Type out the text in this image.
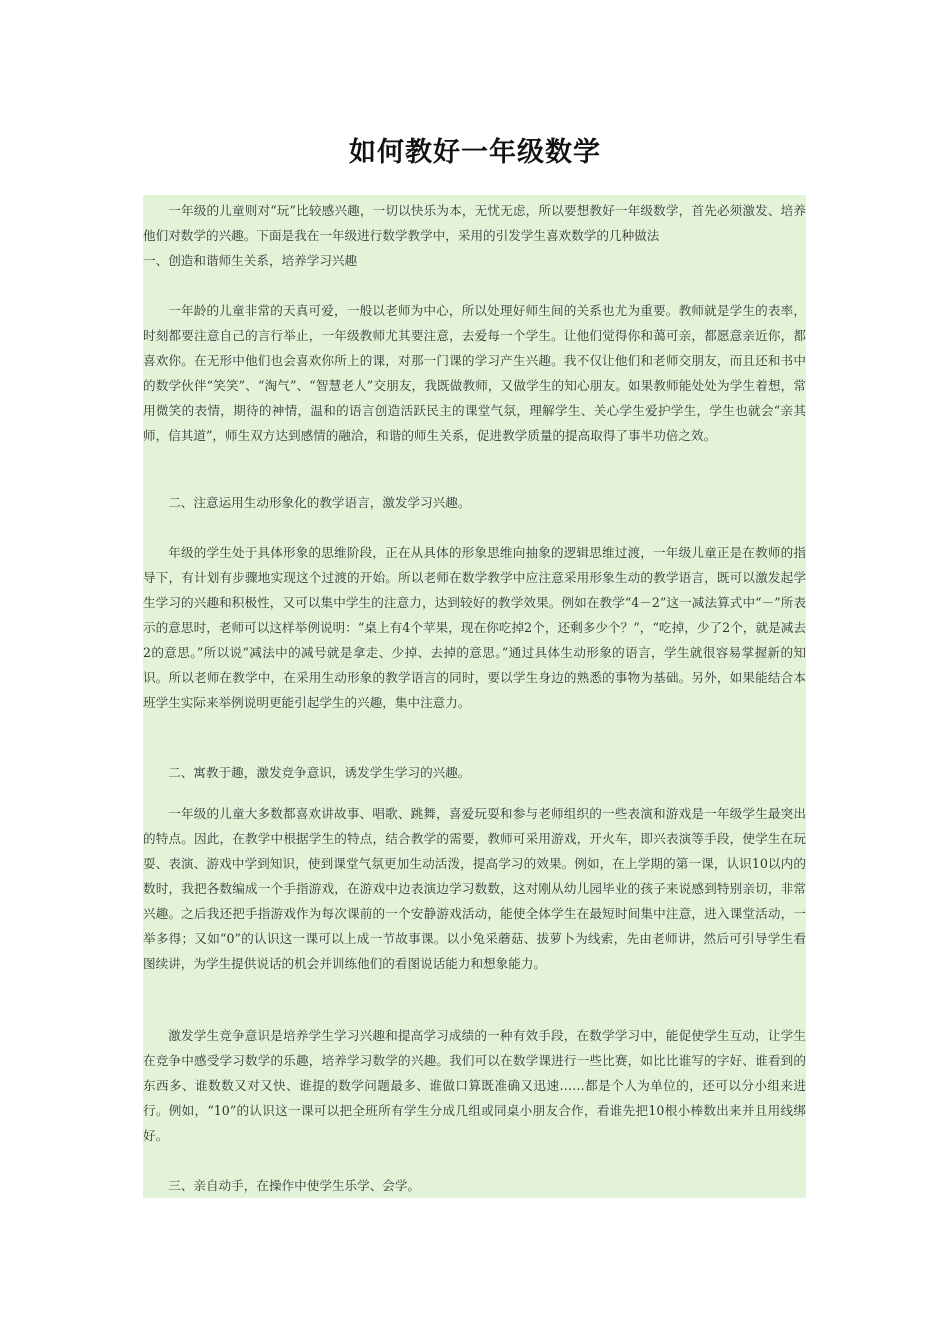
如何教好一年级数学

一年级的儿童则对“玩”比较感兴趣，一切以快乐为本，无忧无虑，所以要想教好一年级数学，首先必须激发、培养他们对数学的兴趣。下面是我在一年级进行数学教学中，采用的引发学生喜欢数学的几种做法

一、创造和谐师生关系，培养学习兴趣

一年龄的儿童非常的天真可爱，一般以老师为中心，所以处理好师生间的关系也尤为重要。教师就是学生的表率，时刻都要注意自己的言行举止，一年级教师尤其要注意，去爱每一个学生。让他们觉得你和蔼可亲，都愿意亲近你，都喜欢你。在无形中他们也会喜欢你所上的课，对那一门课的学习产生兴趣。我不仅让他们和老师交朋友，而且还和书中的数学伙伴“笑笑”、“淘气”、“智慧老人”交朋友，我既做教师，又做学生的知心朋友。如果教师能处处为学生着想，常用微笑的表情，期待的神情，温和的语言创造活跃民主的课堂气氛，理解学生、关心学生爱护学生，学生也就会“亲其师，信其道”，师生双方达到感情的融洽，和谐的师生关系，促进教学质量的提高取得了事半功倍之效。

二、注意运用生动形象化的教学语言，激发学习兴趣。

年级的学生处于具体形象的思维阶段，正在从具体的形象思维向抽象的逻辑思维过渡，一年级儿童正是在教师的指导下，有计划有步骤地实现这个过渡的开始。所以老师在数学教学中应注意采用形象生动的教学语言，既可以激发起学生学习的兴趣和积极性，又可以集中学生的注意力，达到较好的教学效果。例如在教学“4－2”这一减法算式中“－”所表示的意思时，老师可以这样举例说明：“桌上有4个苹果，现在你吃掉2个，还剩多少个？”，“吃掉，少了2个，就是减去2的意思。”所以说“减法中的减号就是拿走、少掉、去掉的意思。”通过具体生动形象的语言，学生就很容易掌握新的知识。所以老师在教学中，在采用生动形象的教学语言的同时，要以学生身边的熟悉的事物为基础。另外，如果能结合本班学生实际来举例说明更能引起学生的兴趣，集中注意力。

二、寓教于趣，激发竞争意识，诱发学生学习的兴趣。

一年级的儿童大多数都喜欢讲故事、唱歌、跳舞，喜爱玩耍和参与老师组织的一些表演和游戏是一年级学生最突出的特点。因此，在教学中根据学生的特点，结合教学的需要，教师可采用游戏，开火车，即兴表演等手段，使学生在玩耍、表演、游戏中学到知识，使到课堂气氛更加生动活泼，提高学习的效果。例如，在上学期的第一课，认识10以内的数时，我把各数编成一个手指游戏，在游戏中边表演边学习数数，这对刚从幼儿园毕业的孩子来说感到特别亲切，非常兴趣。之后我还把手指游戏作为每次课前的一个安静游戏活动，能使全体学生在最短时间集中注意，进入课堂活动，一举多得；又如“0”的认识这一课可以上成一节故事课。以小兔采蘑菇、拔萝卜为线索，先由老师讲，然后可引导学生看图续讲，为学生提供说话的机会并训练他们的看图说话能力和想象能力。

激发学生竞争意识是培养学生学习兴趣和提高学习成绩的一种有效手段，在数学学习中，能促使学生互动，让学生在竞争中感受学习数学的乐趣，培养学习数学的兴趣。我们可以在数学课进行一些比赛，如比比谁写的字好、谁看到的东西多、谁数数又对又快、谁提的数学问题最多、谁做口算既准确又迅速……都是个人为单位的，还可以分小组来进行。例如，“10”的认识这一课可以把全班所有学生分成几组或同桌小朋友合作，看谁先把10根小棒数出来并且用线绑好。

三、亲自动手，在操作中使学生乐学、会学。
